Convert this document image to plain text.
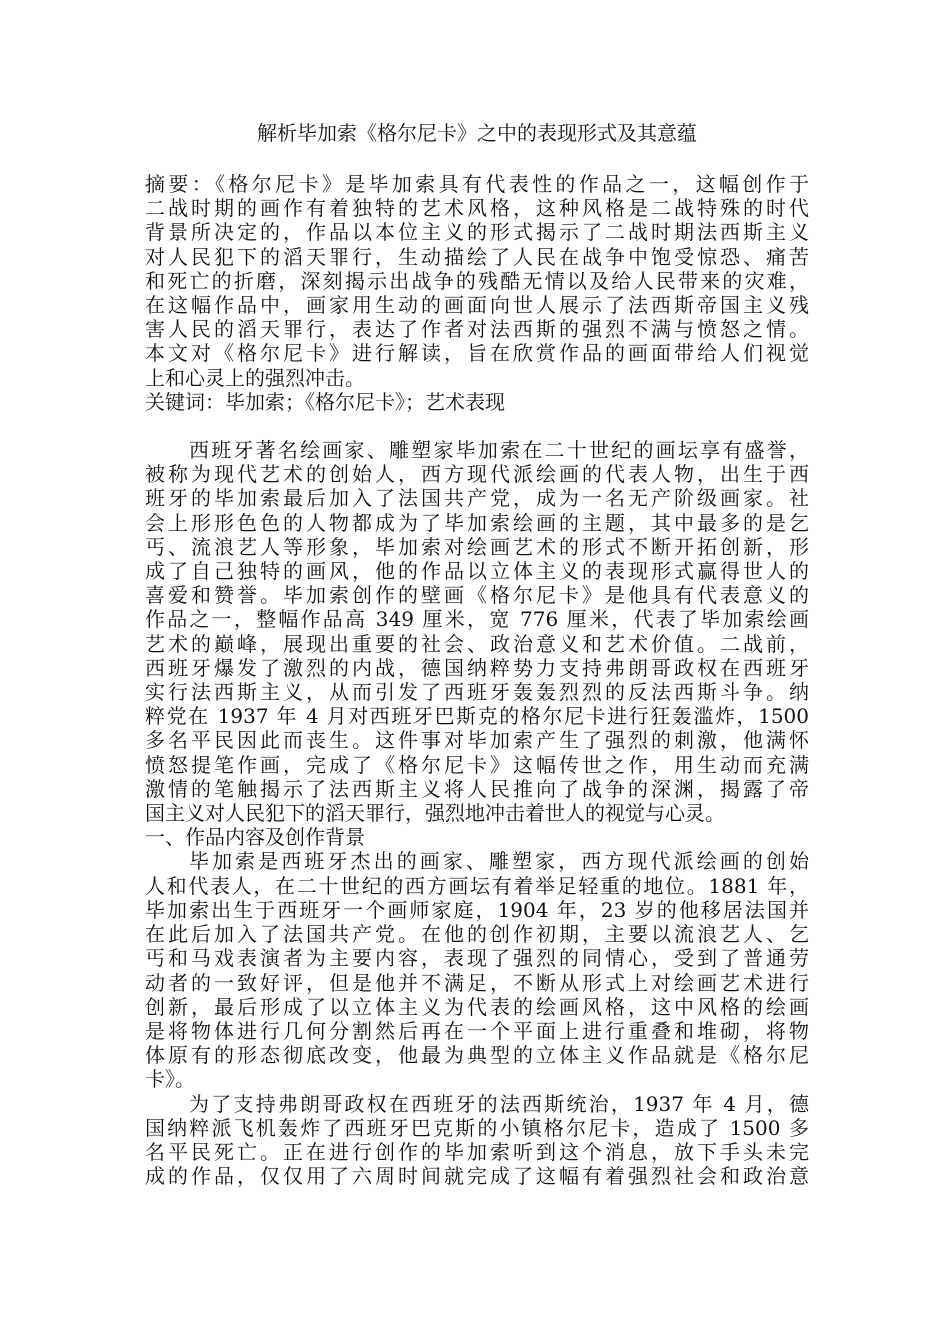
解析毕加索《格尔尼卡》之中的表现形式及其意蕴

摘要：《格尔尼卡》是毕加索具有代表性的作品之一，这幅创作于

二战时期的画作有着独特的艺术风格，这种风格是二战特殊的时代

背景所决定的，作品以本位主义的形式揭示了二战时期法西斯主义

对人民犯下的滔天罪行，生动描绘了人民在战争中饱受惊恐、痛苦

和死亡的折磨，深刻揭示出战争的残酷无情以及给人民带来的灾难，

在这幅作品中，画家用生动的画面向世人展示了法西斯帝国主义残

害人民的滔天罪行，表达了作者对法西斯的强烈不满与愤怒之情。

本文对《格尔尼卡》进行解读，旨在欣赏作品的画面带给人们视觉

上和心灵上的强烈冲击。

关键词：毕加索；《格尔尼卡》；艺术表现

西班牙著名绘画家、雕塑家毕加索在二十世纪的画坛享有盛誉，

被称为现代艺术的创始人，西方现代派绘画的代表人物，出生于西

班牙的毕加索最后加入了法国共产党，成为一名无产阶级画家。社

会上形形色色的人物都成为了毕加索绘画的主题，其中最多的是乞

丐、流浪艺人等形象，毕加索对绘画艺术的形式不断开拓创新，形

成了自己独特的画风，他的作品以立体主义的表现形式赢得世人的

喜爱和赞誉。毕加索创作的壁画《格尔尼卡》是他具有代表意义的

作品之一，整幅作品高 349 厘米，宽 776 厘米，代表了毕加索绘画

艺术的巅峰，展现出重要的社会、政治意义和艺术价值。二战前，

西班牙爆发了激烈的内战，德国纳粹势力支持弗朗哥政权在西班牙

实行法西斯主义，从而引发了西班牙轰轰烈烈的反法西斯斗争。纳

粹党在 1937 年 4 月对西班牙巴斯克的格尔尼卡进行狂轰滥炸，1500

多名平民因此而丧生。这件事对毕加索产生了强烈的刺激，他满怀

愤怒提笔作画，完成了《格尔尼卡》这幅传世之作，用生动而充满

激情的笔触揭示了法西斯主义将人民推向了战争的深渊，揭露了帝

国主义对人民犯下的滔天罪行，强烈地冲击着世人的视觉与心灵。

一、作品内容及创作背景

毕加索是西班牙杰出的画家、雕塑家，西方现代派绘画的创始

人和代表人，在二十世纪的西方画坛有着举足轻重的地位。1881 年，

毕加索出生于西班牙一个画师家庭，1904 年，23 岁的他移居法国并

在此后加入了法国共产党。在他的创作初期，主要以流浪艺人、乞

丐和马戏表演者为主要内容，表现了强烈的同情心，受到了普通劳

动者的一致好评，但是他并不满足，不断从形式上对绘画艺术进行

创新，最后形成了以立体主义为代表的绘画风格，这中风格的绘画

是将物体进行几何分割然后再在一个平面上进行重叠和堆砌，将物

体原有的形态彻底改变，他最为典型的立体主义作品就是《格尔尼

卡》。

为了支持弗朗哥政权在西班牙的法西斯统治，1937 年 4 月，德

国纳粹派飞机轰炸了西班牙巴克斯的小镇格尔尼卡，造成了 1500 多

名平民死亡。正在进行创作的毕加索听到这个消息，放下手头未完

成的作品，仅仅用了六周时间就完成了这幅有着强烈社会和政治意
